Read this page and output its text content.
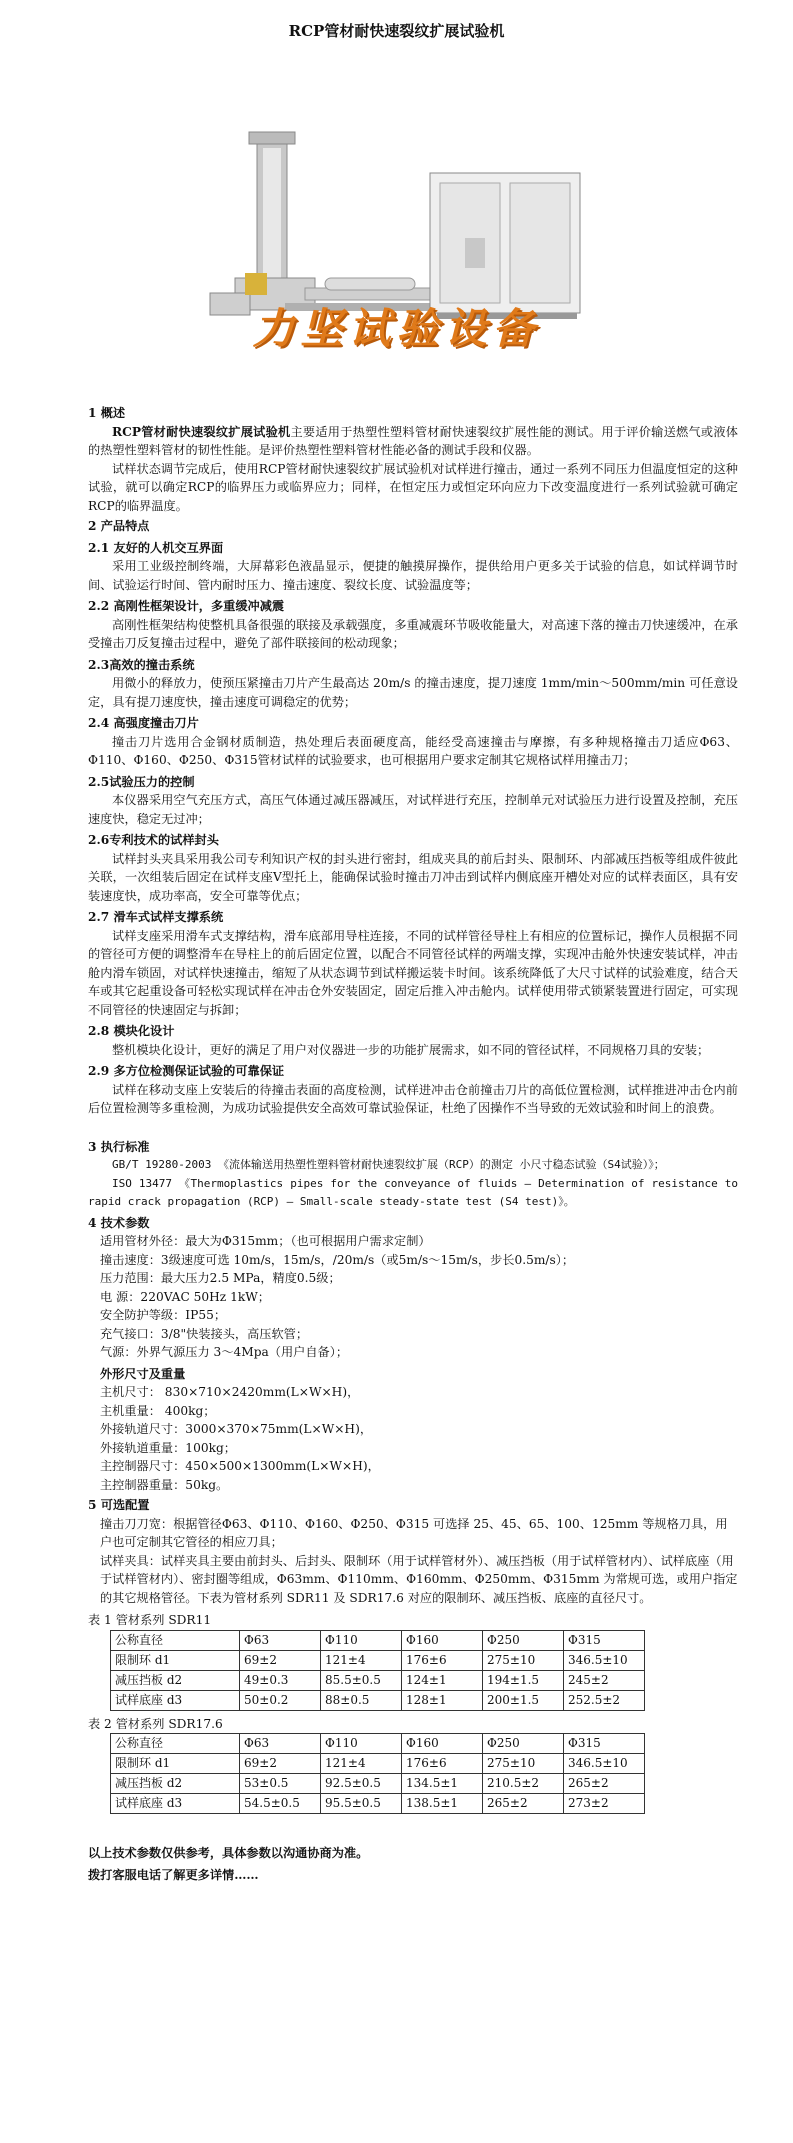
RCP管材耐快速裂纹扩展试验机
力坚试验设备
1 概述
RCP管材耐快速裂纹扩展试验机主要适用于热塑性塑料管材耐快速裂纹扩展性能的测试。用于评价输送燃气或液体的热塑性塑料管材的韧性性能。是评价热塑性塑料管材性能必备的测试手段和仪器。
试样状态调节完成后，使用RCP管材耐快速裂纹扩展试验机对试样进行撞击，通过一系列不同压力但温度恒定的这种试验，就可以确定RCP的临界压力或临界应力；同样，在恒定压力或恒定环向应力下改变温度进行一系列试验就可确定RCP的临界温度。
2 产品特点
2.1 友好的人机交互界面
采用工业级控制终端，大屏幕彩色液晶显示，便捷的触摸屏操作，提供给用户更多关于试验的信息，如试样调节时间、试验运行时间、管内耐时压力、撞击速度、裂纹长度、试验温度等；
2.2 高刚性框架设计，多重缓冲减震
高刚性框架结构使整机具备很强的联接及承载强度，多重减震环节吸收能量大，对高速下落的撞击刀快速缓冲，在承受撞击刀反复撞击过程中，避免了部件联接间的松动现象；
2.3高效的撞击系统
用微小的释放力，使预压紧撞击刀片产生最高达 20m/s 的撞击速度，提刀速度 1mm/min～500mm/min 可任意设定，具有提刀速度快，撞击速度可调稳定的优势；
2.4 高强度撞击刀片
撞击刀片选用合金钢材质制造，热处理后表面硬度高，能经受高速撞击与摩擦，有多种规格撞击刀适应Φ63、Φ110、Φ160、Φ250、Φ315管材试样的试验要求，也可根据用户要求定制其它规格试样用撞击刀；
2.5试验压力的控制
本仪器采用空气充压方式，高压气体通过减压器减压，对试样进行充压，控制单元对试验压力进行设置及控制，充压速度快，稳定无过冲；
2.6专利技术的试样封头
试样封头夹具采用我公司专利知识产权的封头进行密封，组成夹具的前后封头、限制环、内部减压挡板等组成件彼此关联，一次组装后固定在试样支座Ⅴ型托上，能确保试验时撞击刀冲击到试样内侧底座开槽处对应的试样表面区，具有安装速度快，成功率高，安全可靠等优点；
2.7 滑车式试样支撑系统
试样支座采用滑车式支撑结构，滑车底部用导柱连接，不同的试样管径导柱上有相应的位置标记，操作人员根据不同的管径可方便的调整滑车在导柱上的前后固定位置，以配合不同管径试样的两端支撑，实现冲击舱外快速安装试样，冲击舱内滑车锁固，对试样快速撞击，缩短了从状态调节到试样搬运装卡时间。该系统降低了大尺寸试样的试验难度，结合天车或其它起重设备可轻松实现试样在冲击仓外安装固定，固定后推入冲击舱内。试样使用带式锁紧装置进行固定，可实现不同管径的快速固定与拆卸；
2.8 模块化设计
整机模块化设计，更好的满足了用户对仪器进一步的功能扩展需求，如不同的管径试样，不同规格刀具的安装；
2.9 多方位检测保证试验的可靠保证
试样在移动支座上安装后的待撞击表面的高度检测，试样进冲击仓前撞击刀片的高低位置检测，试样推进冲击仓内前后位置检测等多重检测，为成功试验提供安全高效可靠试验保证，杜绝了因操作不当导致的无效试验和时间上的浪费。
3 执行标准
GB/T 19280-2003 《流体输送用热塑性塑料管材耐快速裂纹扩展（RCP）的测定 小尺寸稳态试验（S4试验）》；
ISO 13477 《Thermoplastics pipes for the conveyance of fluids — Determination of resistance to rapid crack propagation (RCP) — Small-scale steady-state test (S4 test)》。
4 技术参数
适用管材外径：最大为Φ315mm；（也可根据用户需求定制）
撞击速度：3级速度可选 10m/s，15m/s，/20m/s（或5m/s～15m/s，步长0.5m/s）；
压力范围：最大压力2.5 MPa，精度0.5级；
电 源：220VAC 50Hz 1kW；
安全防护等级：IP55；
充气接口：3/8"快装接头，高压软管；
气源：外界气源压力 3～4Mpa（用户自备）；
外形尺寸及重量
主机尺寸： 830×710×2420mm(L×W×H)，
主机重量： 400kg；
外接轨道尺寸：3000×370×75mm(L×W×H)，
外接轨道重量：100kg；
主控制器尺寸：450×500×1300mm(L×W×H)，
主控制器重量：50kg。
5 可选配置
撞击刀刀宽：根据管径Φ63、Φ110、Φ160、Φ250、Φ315 可选择 25、45、65、100、125mm 等规格刀具，用户也可定制其它管径的相应刀具；
试样夹具：试样夹具主要由前封头、后封头、限制环（用于试样管材外）、减压挡板（用于试样管材内）、试样底座（用于试样管材内）、密封圈等组成，Φ63mm、Φ110mm、Φ160mm、Φ250mm、Φ315mm 为常规可选，或用户指定的其它规格管径。下表为管材系列 SDR11 及 SDR17.6 对应的限制环、减压挡板、底座的直径尺寸。
表 1 管材系列 SDR11
公称直径	Φ63	Φ110	Φ160	Φ250	Φ315
限制环 d1	69±2	121±4	176±6	275±10	346.5±10
减压挡板 d2	49±0.3	85.5±0.5	124±1	194±1.5	245±2
试样底座 d3	50±0.2	88±0.5	128±1	200±1.5	252.5±2
表 2 管材系列 SDR17.6
公称直径	Φ63	Φ110	Φ160	Φ250	Φ315
限制环 d1	69±2	121±4	176±6	275±10	346.5±10
减压挡板 d2	53±0.5	92.5±0.5	134.5±1	210.5±2	265±2
试样底座 d3	54.5±0.5	95.5±0.5	138.5±1	265±2	273±2
以上技术参数仅供参考，具体参数以沟通协商为准。
拨打客服电话了解更多详情……
